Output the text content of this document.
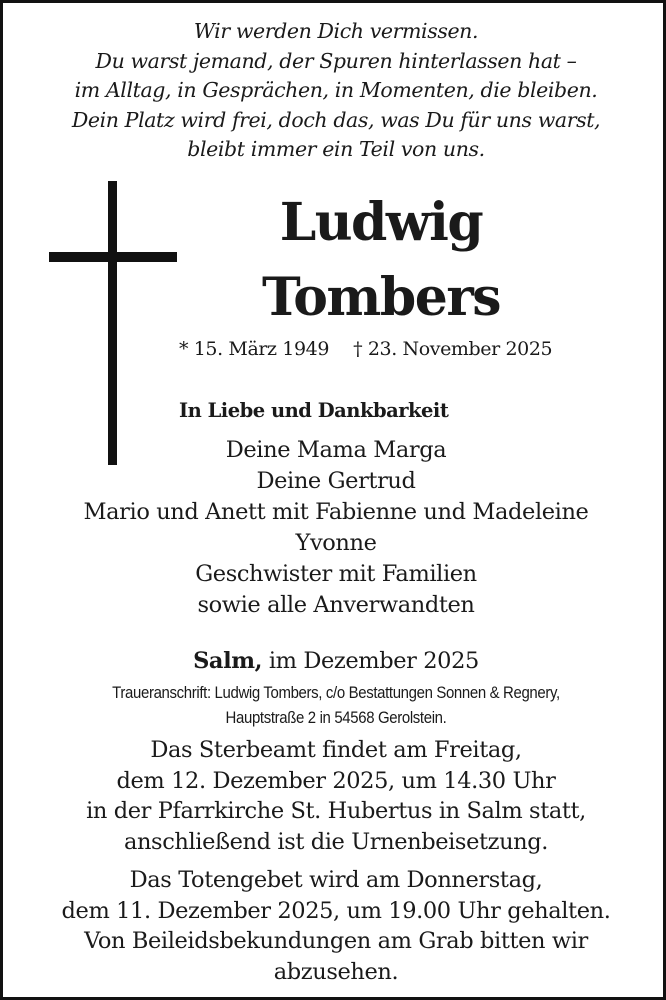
Wir werden Dich vermissen.
Du warst jemand, der Spuren hinterlassen hat –
im Alltag, in Gesprächen, in Momenten, die bleiben.
Dein Platz wird frei, doch das, was Du für uns warst,
bleibt immer ein Teil von uns.
Ludwig
Tombers
* 15. März 1949 † 23. November 2025
In Liebe und Dankbarkeit
Deine Mama Marga
Deine Gertrud
Mario und Anett mit Fabienne und Madeleine
Yvonne
Geschwister mit Familien
sowie alle Anverwandten
Salm, im Dezember 2025
Traueranschrift: Ludwig Tombers, c/o Bestattungen Sonnen & Regnery,
Hauptstraße 2 in 54568 Gerolstein.
Das Sterbeamt findet am Freitag,
dem 12. Dezember 2025, um 14.30 Uhr
in der Pfarrkirche St. Hubertus in Salm statt,
anschließend ist die Urnenbeisetzung.
Das Totengebet wird am Donnerstag,
dem 11. Dezember 2025, um 19.00 Uhr gehalten.
Von Beileidsbekundungen am Grab bitten wir
abzusehen.
